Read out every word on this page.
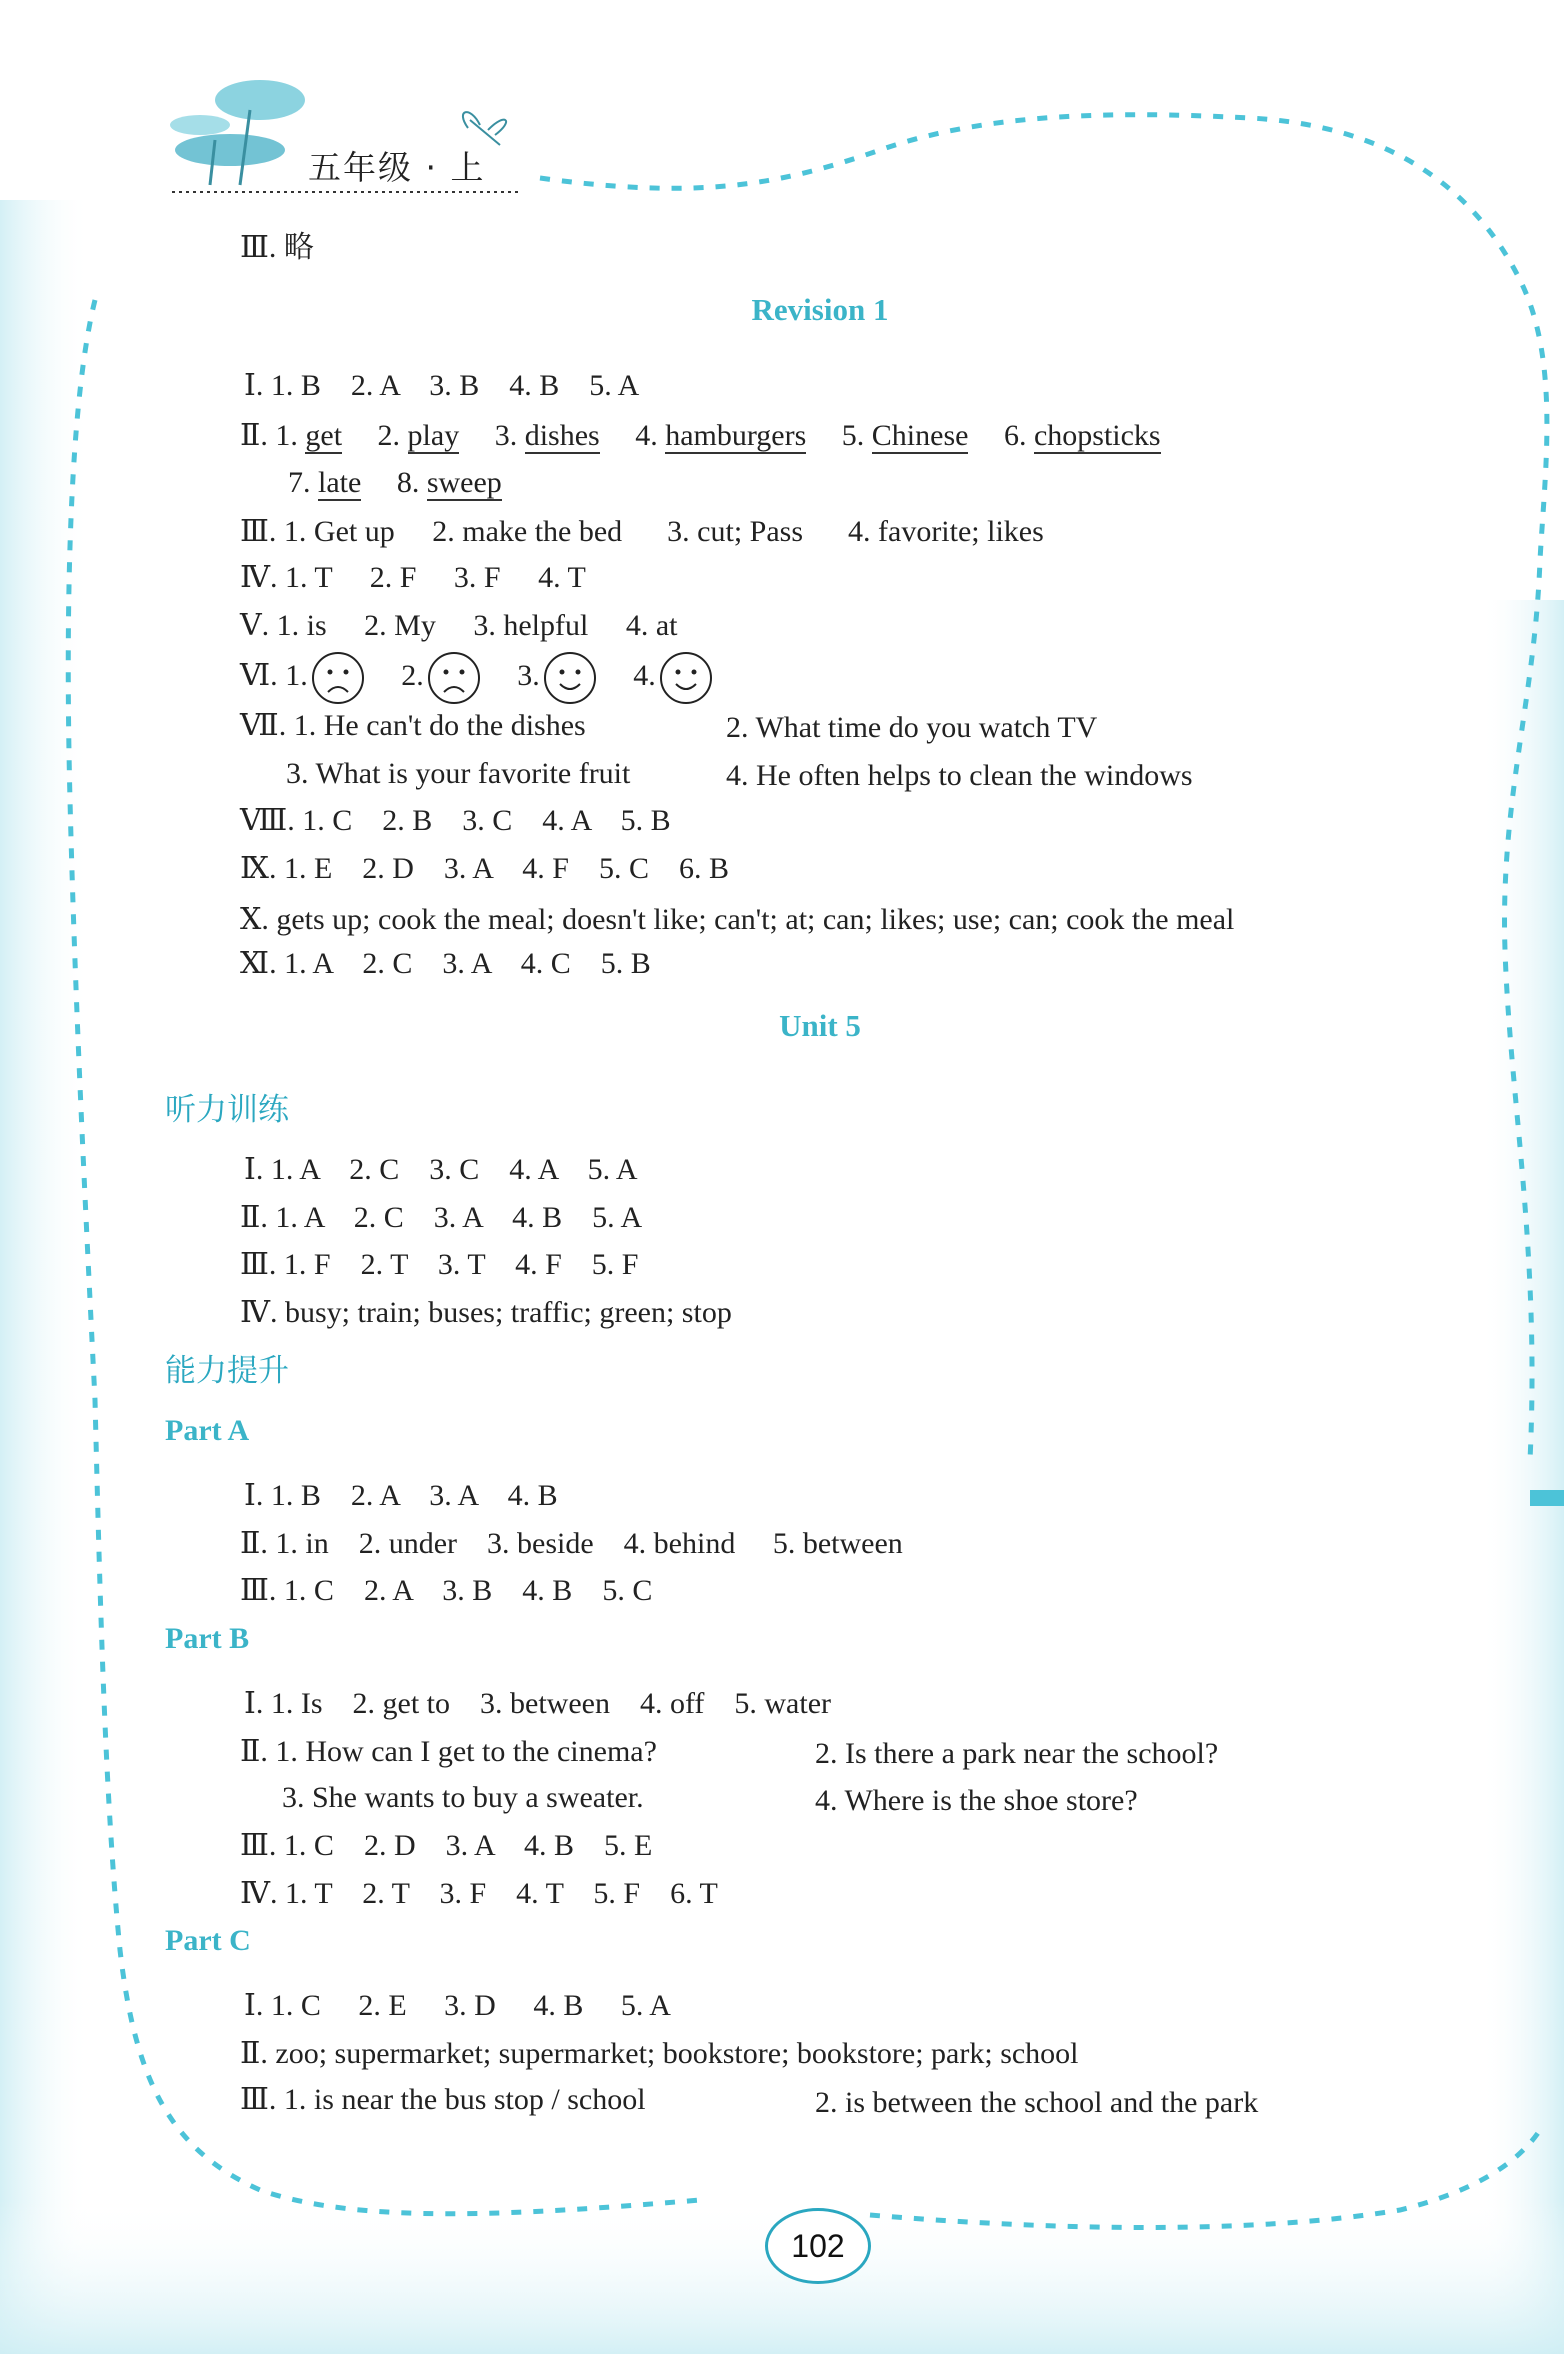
五年级 · 上
Ⅲ. 略
Revision 1
Ⅰ. 1. B    2. A    3. B    4. B    5. A
Ⅱ. 1. get 2. play 3. dishes 4. hamburgers 5. Chinese 6. chopsticks
7. late 8. sweep
Ⅲ. 1. Get up     2. make the bed      3. cut; Pass      4. favorite; likes
Ⅳ. 1. T     2. F     3. F     4. T
Ⅴ. 1. is     2. My     3. helpful     4. at
Ⅵ. 1.	2.	3.	4.
Ⅶ. 1. He can't do the dishes	2. What time do you watch TV
3. What is your favorite fruit	4. He often helps to clean the windows
Ⅷ. 1. C    2. B    3. C    4. A    5. B
Ⅸ. 1. E    2. D    3. A    4. F    5. C    6. B
Ⅹ. gets up; cook the meal; doesn't like; can't; at; can; likes; use; can; cook the meal
Ⅺ. 1. A    2. C    3. A    4. C    5. B
Unit 5
听力训练
Ⅰ. 1. A    2. C    3. C    4. A    5. A
Ⅱ. 1. A    2. C    3. A    4. B    5. A
Ⅲ. 1. F    2. T    3. T    4. F    5. F
Ⅳ. busy; train; buses; traffic; green; stop
能力提升
Part A
Ⅰ. 1. B    2. A    3. A    4. B
Ⅱ. 1. in    2. under    3. beside    4. behind     5. between
Ⅲ. 1. C    2. A    3. B    4. B    5. C
Part B
Ⅰ. 1. Is    2. get to    3. between    4. off    5. water
Ⅱ. 1. How can I get to the cinema?	2. Is there a park near the school?
3. She wants to buy a sweater.	4. Where is the shoe store?
Ⅲ. 1. C    2. D    3. A    4. B    5. E
Ⅳ. 1. T    2. T    3. F    4. T    5. F    6. T
Part C
Ⅰ. 1. C     2. E     3. D     4. B     5. A
Ⅱ. zoo; supermarket; supermarket; bookstore; bookstore; park; school
Ⅲ. 1. is near the bus stop / school	2. is between the school and the park
102
